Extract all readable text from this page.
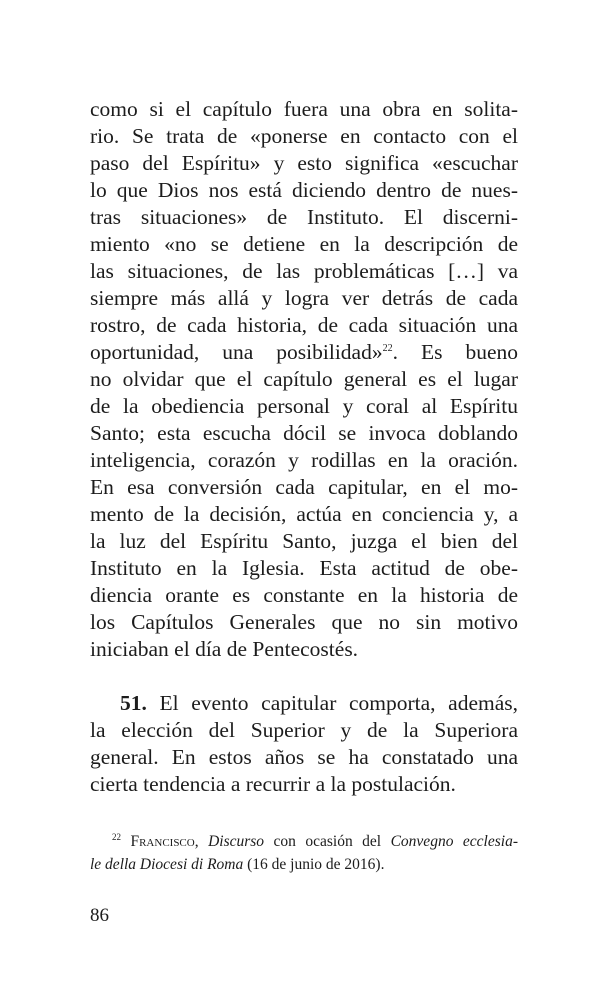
como si el capítulo fuera una obra en solita-
rio. Se trata de «ponerse en contacto con el
paso del Espíritu» y esto significa «escuchar
lo que Dios nos está diciendo dentro de nues-
tras situaciones» de Instituto. El discerni-
miento «no se detiene en la descripción de
las situaciones, de las problemáticas […] va
siempre más allá y logra ver detrás de cada
rostro, de cada historia, de cada situación una
oportunidad, una posibilidad»$^{22}$. Es bueno
no olvidar que el capítulo general es el lugar
de la obediencia personal y coral al Espíritu
Santo; esta escucha dócil se invoca doblando
inteligencia, corazón y rodillas en la oración.
En esa conversión cada capitular, en el mo-
mento de la decisión, actúa en conciencia y, a
la luz del Espíritu Santo, juzga el bien del
Instituto en la Iglesia. Esta actitud de obe-
diencia orante es constante en la historia de
los Capítulos Generales que no sin motivo
iniciaban el día de Pentecostés.
51. El evento capitular comporta, además,
la elección del Superior y de la Superiora
general. En estos años se ha constatado una
cierta tendencia a recurrir a la postulación.
$^{22}$ Francisco, Discurso con ocasión del Convegno ecclesia-
le della Diocesi di Roma (16 de junio de 2016).
86
